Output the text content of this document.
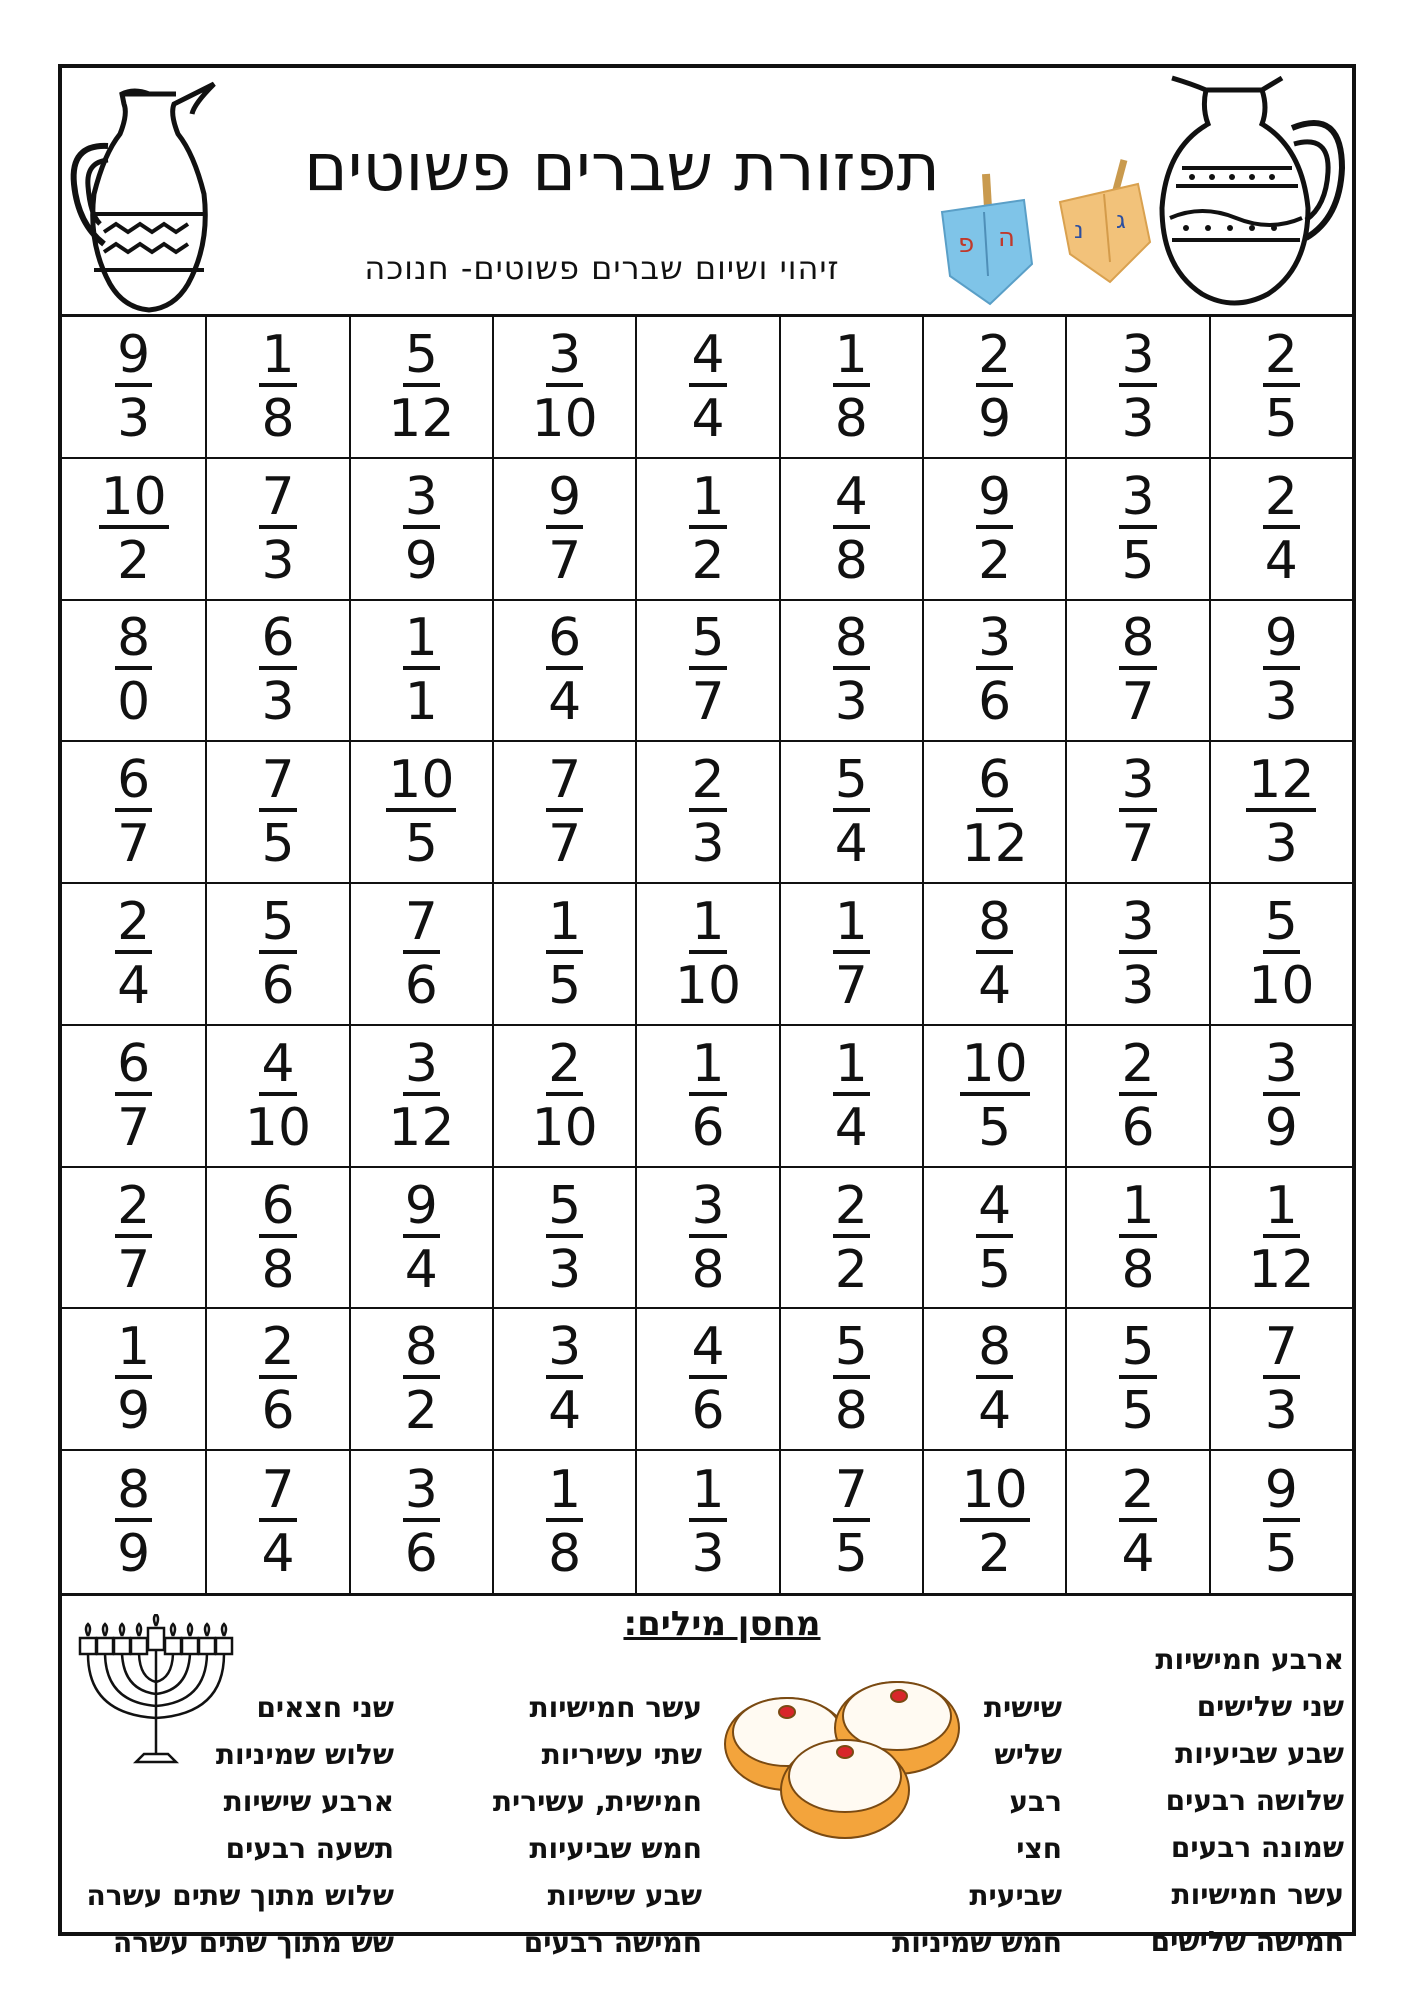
תפזורת שברים פשוטים
זיהוי ושיום שברים פשוטים- חנוכה
פ ה נ ג
$\frac{2}{5}$
$\frac{3}{3}$
$\frac{2}{9}$
$\frac{1}{8}$
$\frac{4}{4}$
$\frac{3}{10}$
$\frac{5}{12}$
$\frac{1}{8}$
$\frac{9}{3}$
$\frac{2}{4}$
$\frac{3}{5}$
$\frac{9}{2}$
$\frac{4}{8}$
$\frac{1}{2}$
$\frac{9}{7}$
$\frac{3}{9}$
$\frac{7}{3}$
$\frac{10}{2}$
$\frac{9}{3}$
$\frac{8}{7}$
$\frac{3}{6}$
$\frac{8}{3}$
$\frac{5}{7}$
$\frac{6}{4}$
$\frac{1}{1}$
$\frac{6}{3}$
$\frac{8}{0}$
$\frac{12}{3}$
$\frac{3}{7}$
$\frac{6}{12}$
$\frac{5}{4}$
$\frac{2}{3}$
$\frac{7}{7}$
$\frac{10}{5}$
$\frac{7}{5}$
$\frac{6}{7}$
$\frac{5}{10}$
$\frac{3}{3}$
$\frac{8}{4}$
$\frac{1}{7}$
$\frac{1}{10}$
$\frac{1}{5}$
$\frac{7}{6}$
$\frac{5}{6}$
$\frac{2}{4}$
$\frac{3}{9}$
$\frac{2}{6}$
$\frac{10}{5}$
$\frac{1}{4}$
$\frac{1}{6}$
$\frac{2}{10}$
$\frac{3}{12}$
$\frac{4}{10}$
$\frac{6}{7}$
$\frac{1}{12}$
$\frac{1}{8}$
$\frac{4}{5}$
$\frac{2}{2}$
$\frac{3}{8}$
$\frac{5}{3}$
$\frac{9}{4}$
$\frac{6}{8}$
$\frac{2}{7}$
$\frac{7}{3}$
$\frac{5}{5}$
$\frac{8}{4}$
$\frac{5}{8}$
$\frac{4}{6}$
$\frac{3}{4}$
$\frac{8}{2}$
$\frac{2}{6}$
$\frac{1}{9}$
$\frac{9}{5}$
$\frac{2}{4}$
$\frac{10}{2}$
$\frac{7}{5}$
$\frac{1}{3}$
$\frac{1}{8}$
$\frac{3}{6}$
$\frac{7}{4}$
$\frac{8}{9}$
מחסן מילים:
ארבע חמישיות
שני שלישים
שבע שביעיות
שלושה רבעים
שמונה רבעים
עשר חמישיות
חמישה שלישים
שישית
שליש
רבע
חצי
שביעית
חמש שמיניות
עשר חמישיות
שתי עשיריות
חמישית, עשירית
חמש שביעיות
שבע שישיות
חמישה רבעים
שני חצאים
שלוש שמיניות
ארבע שישיות
תשעה רבעים
שלוש מתוך שתים עשרה
שש מתוך שתים עשרה
